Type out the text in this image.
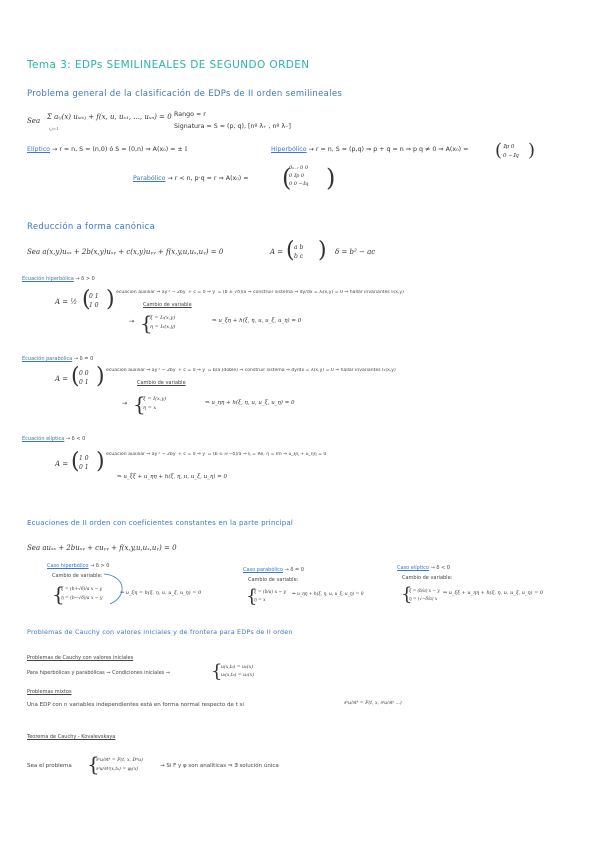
Tema 3: EDPs SEMILINEALES DE SEGUNDO ORDEN
Problema general de la clasificación de EDPs de II orden semilineales
Sea Σ aᵢⱼ(x) uₓᵢₓⱼ + f(x, u, uₓ₁, ..., uₓₙ) = 0
i,j=1
Rango = r
Signatura = S = (p, q), [nº λ₊ , nº λ₋]
Elíptico → r = n, S = (n,0) ó S = (0,n) ⇒ A(x₀) = ± 𝕀	Hiperbólico → r = n, S = (p,q) ⇒ p + q = n ⇒ p q ≠ 0 ⇒ A(x₀) = ( 𝕀p 0
0 −𝕀q )
Parabólico → r < n, p·q = r ⇒ A(x₀) = (
0ₙ₋ᵣ 0 0
0 𝕀p 0
0 0 −𝕀q )
Reducción a forma canónica
Sea a(x,y)uₓₓ + 2b(x,y)uₓᵧ + c(x,y)uᵧᵧ + f(x,y,u,uₓ,uᵧ) = 0	A = ( a b
b c ) δ = b² − ac
Ecuación hiperbólica → δ > 0
A = ½ (
0 1
1 0 ) ecuación auxiliar ⇒ ay′² − 2by′ + c = 0 ⇒ y′ = (b ± √δ)/a ⇒ construir sistema ⇒ dy/dx = λᵢ(x,y) = 0 ⇒ hallar invariantes Iᵢ(x,y)
Cambio de variable
→ {
ξ = I₁(x,y)
η = I₂(x,y)
⇒ u_ξη + h(ξ, η, u, u_ξ, u_η) = 0
Ecuación parabólica → δ = 0
A = ( 0 0
0 1 ) ecuación auxiliar ⇒ ay′² − 2by′ + c = 0 ⇒ y′ = b/a (doble) ⇒ construir sistema ⇒ dy/dx = λ(x,y) = 0 ⇒ hallar invariantes I₁(x,y)
Cambio de variable
→ {
ξ = I(x,y)
η = x
⇒ u_ηη + h(ξ, η, u, u_ξ, u_η) = 0
Ecuación elíptica → δ < 0
A = ( 1 0
0 1 ) ecuación auxiliar ⇒ ay′² − 2by′ + c = 0 ⇒ y′ = (b ± i√−δ)/a ⇒ ξ = Re, η = Im ⇒ u_ξξ + u_ηη = 0
⇒ u_ξξ + u_ηη + h(ξ, η, u, u_ξ, u_η) = 0
Ecuaciones de II orden con coeficientes constantes en la parte principal
Sea auₓₓ + 2buₓᵧ + cuᵧᵧ + f(x,y,u,uₓ,uᵧ) = 0
Caso hiperbólico → δ > 0
Cambio de variable:
{
ξ = (b+√δ)/a x − y
η = (b−√δ)/a x − y
⇒ u_ξη = h(ξ, η, u, u_ξ, u_η) = 0
Caso parabólico → δ = 0
Cambio de variable:
{
ξ = (b/a) x − y
η = x
⇒ u_ηη + h(ξ, η, u, u_ξ, u_η) = 0
Caso elíptico → δ < 0
Cambio de variable:
{
ξ = (b/a) x − y
η = (√−δ/a) x
⇒ u_ξξ + u_ηη + h(ξ, η, u, u_ξ, u_η) = 0
Problemas de Cauchy con valores iniciales y de frontera para EDPs de II orden
Problemas de Cauchy con valores iniciales
Para hiperbólicas y parabólicas ⇒ Condiciones iniciales ⇒ {
u(x,t₀) = u₀(x)
uₜ(x,t₀) = u₁(x)
Problemas mixtos
Una EDP con n variables independientes está en forma normal respecto de t si	∂ᵏu/∂tᵏ = F(t, x, ∂ʲu/∂tʲ ...)
Teorema de Cauchy - Kovalevskaya
Sea el problema {
∂ᵏu/∂tᵏ = F(t, x, Dᵅu)
∂ʲu/∂tʲ(x,t₀) = φⱼ(x)
→ Si F y φ son analíticas ⇒ ∃ solución única
